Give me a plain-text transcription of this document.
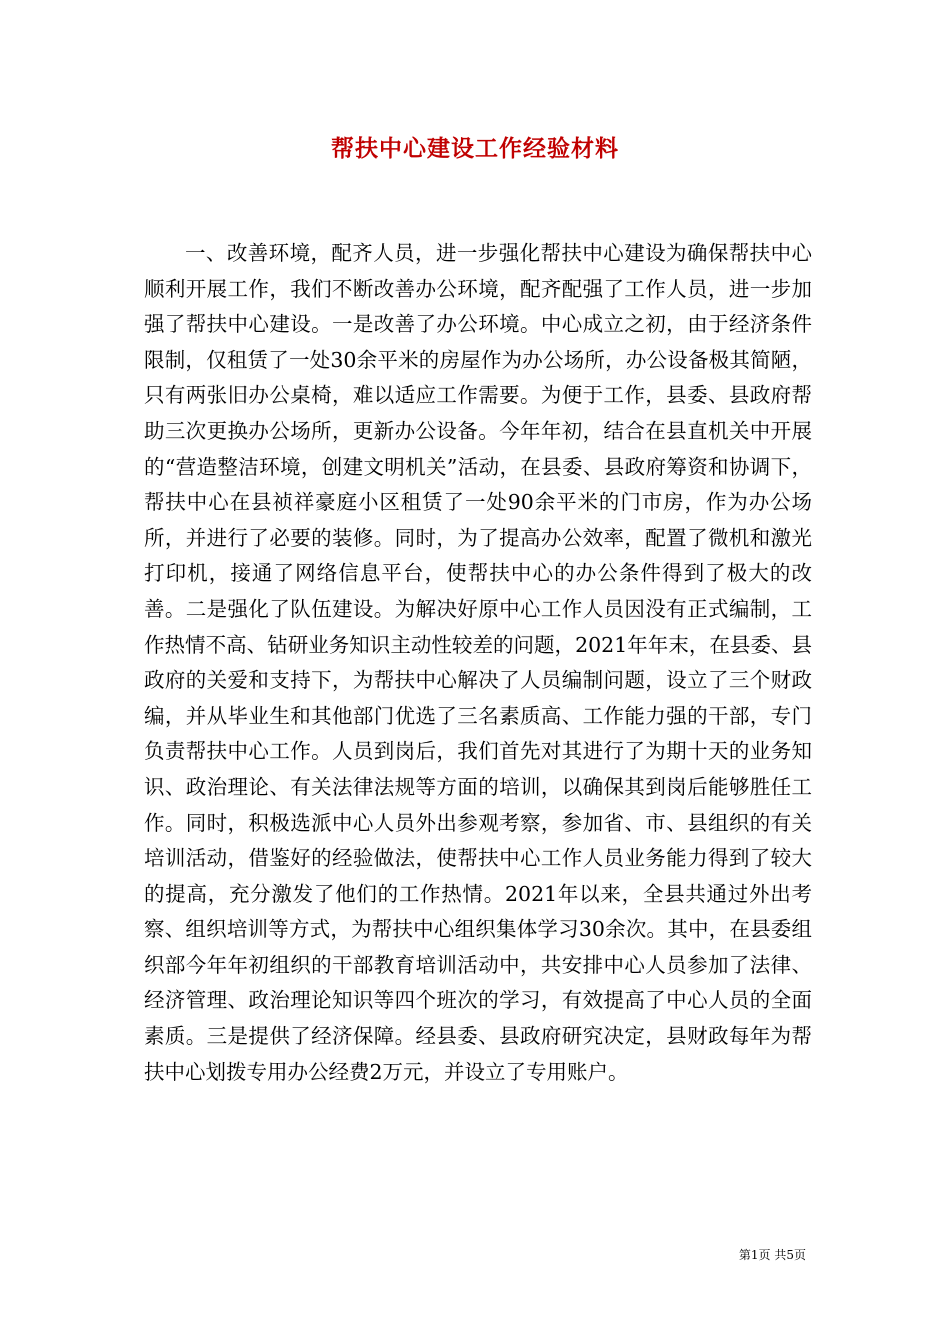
帮扶中心建设工作经验材料

一、改善环境，配齐人员，进一步强化帮扶中心建设为确保帮扶中心顺利开展工作，我们不断改善办公环境，配齐配强了工作人员，进一步加强了帮扶中心建设。一是改善了办公环境。中心成立之初，由于经济条件限制，仅租赁了一处30余平米的房屋作为办公场所，办公设备极其简陋，只有两张旧办公桌椅，难以适应工作需要。为便于工作，县委、县政府帮助三次更换办公场所，更新办公设备。今年年初，结合在县直机关中开展的“营造整洁环境，创建文明机关”活动，在县委、县政府筹资和协调下，帮扶中心在县祯祥豪庭小区租赁了一处90余平米的门市房，作为办公场所，并进行了必要的装修。同时，为了提高办公效率，配置了微机和激光打印机，接通了网络信息平台，使帮扶中心的办公条件得到了极大的改善。二是强化了队伍建设。为解决好原中心工作人员因没有正式编制，工作热情不高、钻研业务知识主动性较差的问题，2021年年末，在县委、县政府的关爱和支持下，为帮扶中心解决了人员编制问题，设立了三个财政编，并从毕业生和其他部门优选了三名素质高、工作能力强的干部，专门负责帮扶中心工作。人员到岗后，我们首先对其进行了为期十天的业务知识、政治理论、有关法律法规等方面的培训，以确保其到岗后能够胜任工作。同时，积极选派中心人员外出参观考察，参加省、市、县组织的有关培训活动，借鉴好的经验做法，使帮扶中心工作人员业务能力得到了较大的提高，充分激发了他们的工作热情。2021年以来，全县共通过外出考察、组织培训等方式，为帮扶中心组织集体学习30余次。其中，在县委组织部今年年初组织的干部教育培训活动中，共安排中心人员参加了法律、经济管理、政治理论知识等四个班次的学习，有效提高了中心人员的全面素质。三是提供了经济保障。经县委、县政府研究决定，县财政每年为帮扶中心划拨专用办公经费2万元，并设立了专用账户。

第1页 共5页
